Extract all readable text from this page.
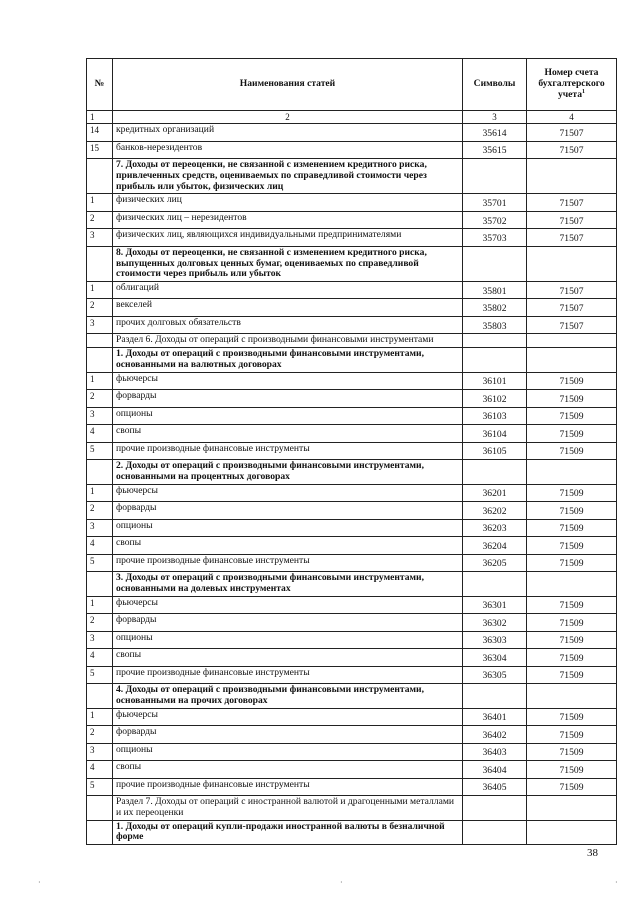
№	Наименования статей	Символы	Номер счета бухгалтерского учета$^1$
1	2	3	4
14	кредитных организаций	35614	71507
15	банков-нерезидентов	35615	71507
	7. Доходы от переоценки, не связанной с изменением кредитного риска, привлеченных средств, оцениваемых по справедливой стоимости через прибыль или убыток, физических лиц		
1	физических лиц	35701	71507
2	физических лиц – нерезидентов	35702	71507
3	физических лиц, являющихся индивидуальными предпринимателями	35703	71507
	8. Доходы от переоценки, не связанной с изменением кредитного риска, выпущенных долговых ценных бумаг, оцениваемых по справедливой стоимости через прибыль или убыток		
1	облигаций	35801	71507
2	векселей	35802	71507
3	прочих долговых обязательств	35803	71507
	Раздел 6. Доходы от операций с производными финансовыми инструментами		
	1. Доходы от операций с производными финансовыми инструментами, основанными на валютных договорах		
1	фьючерсы	36101	71509
2	форварды	36102	71509
3	опционы	36103	71509
4	свопы	36104	71509
5	прочие производные финансовые инструменты	36105	71509
	2. Доходы от операций с производными финансовыми инструментами, основанными на процентных договорах		
1	фьючерсы	36201	71509
2	форварды	36202	71509
3	опционы	36203	71509
4	свопы	36204	71509
5	прочие производные финансовые инструменты	36205	71509
	3. Доходы от операций с производными финансовыми инструментами, основанными на долевых инструментах		
1	фьючерсы	36301	71509
2	форварды	36302	71509
3	опционы	36303	71509
4	свопы	36304	71509
5	прочие производные финансовые инструменты	36305	71509
	4. Доходы от операций с производными финансовыми инструментами, основанными на прочих договорах		
1	фьючерсы	36401	71509
2	форварды	36402	71509
3	опционы	36403	71509
4	свопы	36404	71509
5	прочие производные финансовые инструменты	36405	71509
	Раздел 7. Доходы от операций с иностранной валютой и драгоценными металлами и их переоценки		
	1. Доходы от операций купли-продажи иностранной валюты в безналичной форме		
38
·	·	·
